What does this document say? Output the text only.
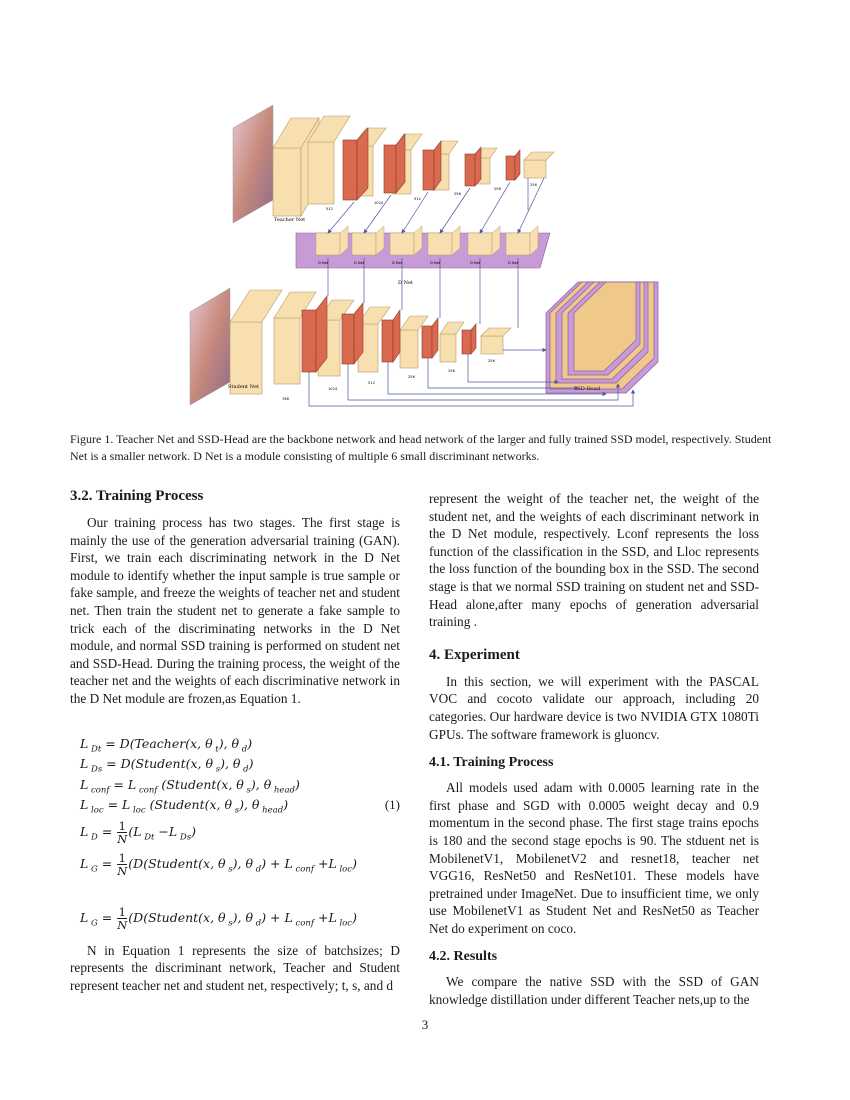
Teacher Net
D Net
Student Net	SSD-Head
512
1024
512
256
256
256
768
1024
512
256
256
256
D Net	D Net	D Net	D Net	D Net	D Net
Figure 1. Teacher Net and SSD-Head are the backbone network and head network of the larger and fully trained SSD model, respectively. Student Net is a smaller network. D Net is a module consisting of multiple 6 small discriminant networks.
3.2. Training Process

Our training process has two stages. The first stage is mainly the use of the generation adversarial training (GAN). First, we train each discriminating network in the D Net module to identify whether the input sample is true sample or fake sample, and freeze the weights of teacher net and student net. Then train the student net to generate a fake sample to trick each of the discriminating networks in the D Net module, and normal SSD training is performed on student net and SSD-Head. During the training process, the weight of the teacher net and the weights of each discriminative network in the D Net module are frozen,as Equation 1.

L $_{Dt}$ = D(Teacher(x, θ $_t$), θ $_d$)
L $_{Ds}$ = D(Student(x, θ $_s$), θ $_d$)
L $_{conf}$ = L $_{conf}$ (Student(x, θ $_s$), θ $_{head}$)
L $_{loc}$ = L $_{loc}$ (Student(x, θ $_s$), θ $_{head}$)	(1)
L $_D = \frac{1}{N} (L$ $_{Dt}$ −L $_{Ds}$)
L $_G = \frac{1}{N}$ (D(Student(x, θ $_s$), θ $_d$) + L $_{conf}$ +L $_{loc}$)
L $_G = \frac{1}{N}$ (D(Student(x, θ $_s$), θ $_d$) + L $_{conf}$ +L $_{loc}$)

N in Equation 1 represents the size of batchsizes; D represents the discriminant network, Teacher and Student represent teacher net and student net, respectively; t, s, and d

represent the weight of the teacher net, the weight of the student net, and the weights of each discriminant network in the D Net module, respectively. Lconf represents the loss function of the classification in the SSD, and Lloc represents the loss function of the bounding box in the SSD. The second stage is that we normal SSD training on student net and SSD-Head alone,after many epochs of generation adversarial training .

4. Experiment

In this section, we will experiment with the PASCAL VOC and cocoto validate our approach, including 20 categories. Our hardware device is two NVIDIA GTX 1080Ti GPUs. The software framework is gluoncv.

4.1. Training Process

All models used adam with 0.0005 learning rate in the first phase and SGD with 0.0005 weight decay and 0.9 momentum in the second phase. The first stage trains epochs is 180 and the second stage epochs is 90. The stduent net is MobilenetV1, MobilenetV2 and resnet18, teacher net VGG16, ResNet50 and ResNet101. These models have pretrained under ImageNet. Due to insufficient time, we only use MobilenetV1 as Student Net and ResNet50 as Teacher Net do experiment on coco.

4.2. Results

We compare the native SSD with the SSD of GAN knowledge distillation under different Teacher nets,up to the

3
